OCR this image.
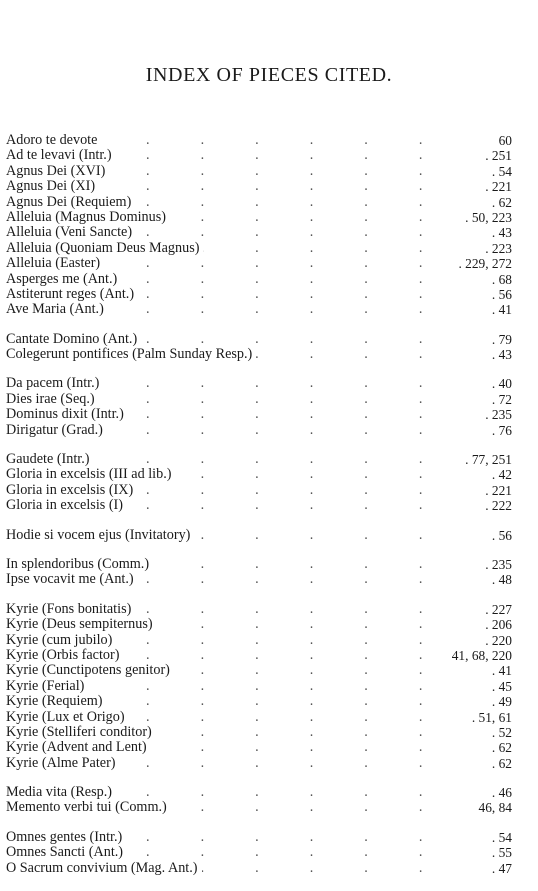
INDEX OF PIECES CITED.
Adoro te devote .	60
Ad te levavi (Intr.) .	. 251
Agnus Dei (XVI) .	. 54
Agnus Dei (XI) .	. 221
Agnus Dei (Requiem) .	. 62
Alleluia (Magnus Dominus) .	. 50, 223
Alleluia (Veni Sancte) .	. 43
Alleluia (Quoniam Deus Magnus) .	. 223
Alleluia (Easter) .	. 229, 272
Asperges me (Ant.) .	. 68
Astiterunt reges (Ant.) .	. 56
Ave Maria (Ant.) .	. 41
Cantate Domino (Ant.) .	. 79
Colegerunt pontifices (Palm Sunday Resp.) .	. 43
Da pacem (Intr.) .	. 40
Dies irae (Seq.) .	. 72
Dominus dixit (Intr.) .	. 235
Dirigatur (Grad.) .	. 76
Gaudete (Intr.) .	. 77, 251
Gloria in excelsis (III ad lib.) .	. 42
Gloria in excelsis (IX) .	. 221
Gloria in excelsis (I) .	. 222
Hodie si vocem ejus (Invitatory) .	. 56
In splendoribus (Comm.) .	. 235
Ipse vocavit me (Ant.) .	. 48
Kyrie (Fons bonitatis) .	. 227
Kyrie (Deus sempiternus) .	. 206
Kyrie (cum jubilo) .	. 220
Kyrie (Orbis factor) .	41, 68, 220
Kyrie (Cunctipotens genitor) .	. 41
Kyrie (Ferial) .	. 45
Kyrie (Requiem) .	. 49
Kyrie (Lux et Origo) .	. 51, 61
Kyrie (Stelliferi conditor) .	. 52
Kyrie (Advent and Lent) .	. 62
Kyrie (Alme Pater) .	. 62
Media vita (Resp.) .	. 46
Memento verbi tui (Comm.) .	46, 84
Omnes gentes (Intr.) .	. 54
Omnes Sancti (Ant.) .	. 55
O Sacrum convivium (Mag. Ant.) .	. 47
